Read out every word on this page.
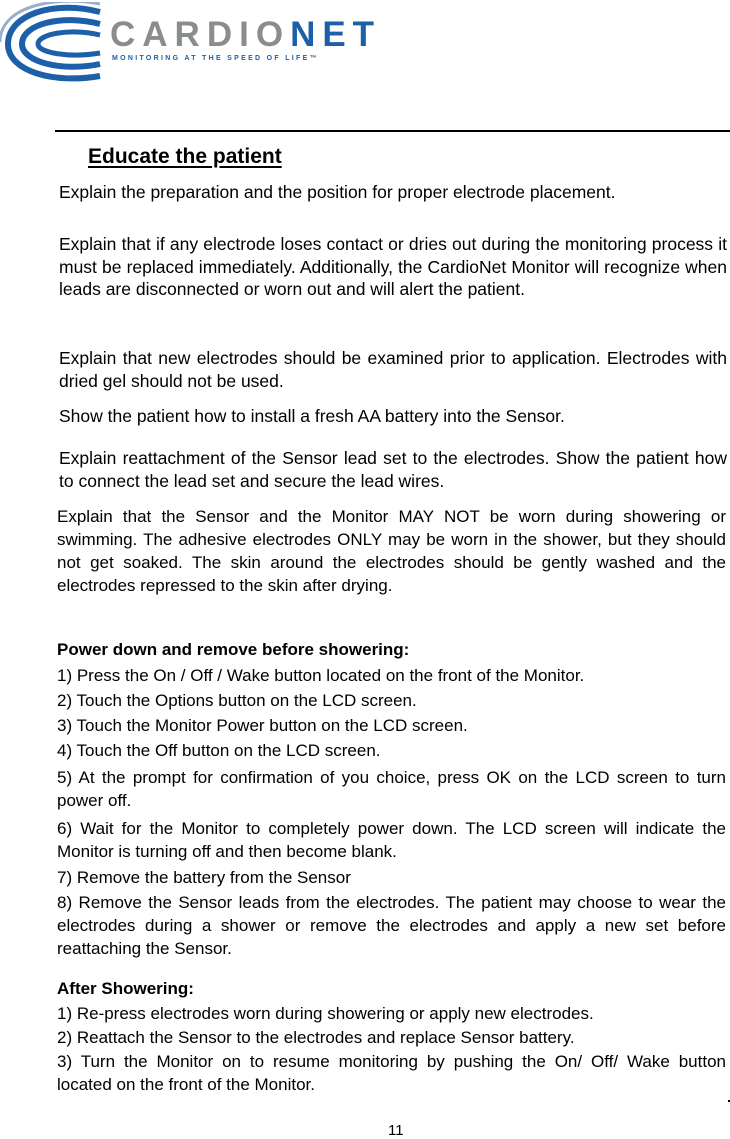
CARDIONET
MONITORING AT THE SPEED OF LIFE™
Educate the patient

Explain the preparation and the position for proper electrode placement.

Explain that if any electrode loses contact or dries out during the monitoring process it must be replaced immediately. Additionally, the CardioNet Monitor will recognize when leads are disconnected or worn out and will alert the patient.

Explain that new electrodes should be examined prior to application. Electrodes with dried gel should not be used.

Show the patient how to install a fresh AA battery into the Sensor.

Explain reattachment of the Sensor lead set to the electrodes. Show the patient how to connect the lead set and secure the lead wires.

Explain that the Sensor and the Monitor MAY NOT be worn during showering or swimming. The adhesive electrodes ONLY may be worn in the shower, but they should not get soaked. The skin around the electrodes should be gently washed and the electrodes repressed to the skin after drying.

Power down and remove before showering:
1) Press the On / Off / Wake button located on the front of the Monitor.
2) Touch the Options button on the LCD screen.
3) Touch the Monitor Power button on the LCD screen.
4) Touch the Off button on the LCD screen.

5) At the prompt for confirmation of you choice, press OK on the LCD screen to turn power off.

6) Wait for the Monitor to completely power down. The LCD screen will indicate the Monitor is turning off and then become blank.

7) Remove the battery from the Sensor

8) Remove the Sensor leads from the electrodes. The patient may choose to wear the electrodes during a shower or remove the electrodes and apply a new set before reattaching the Sensor.

After Showering:
1) Re-press electrodes worn during showering or apply new electrodes.
2) Reattach the Sensor to the electrodes and replace Sensor battery.

3) Turn the Monitor on to resume monitoring by pushing the On/ Off/ Wake button located on the front of the Monitor.

11
